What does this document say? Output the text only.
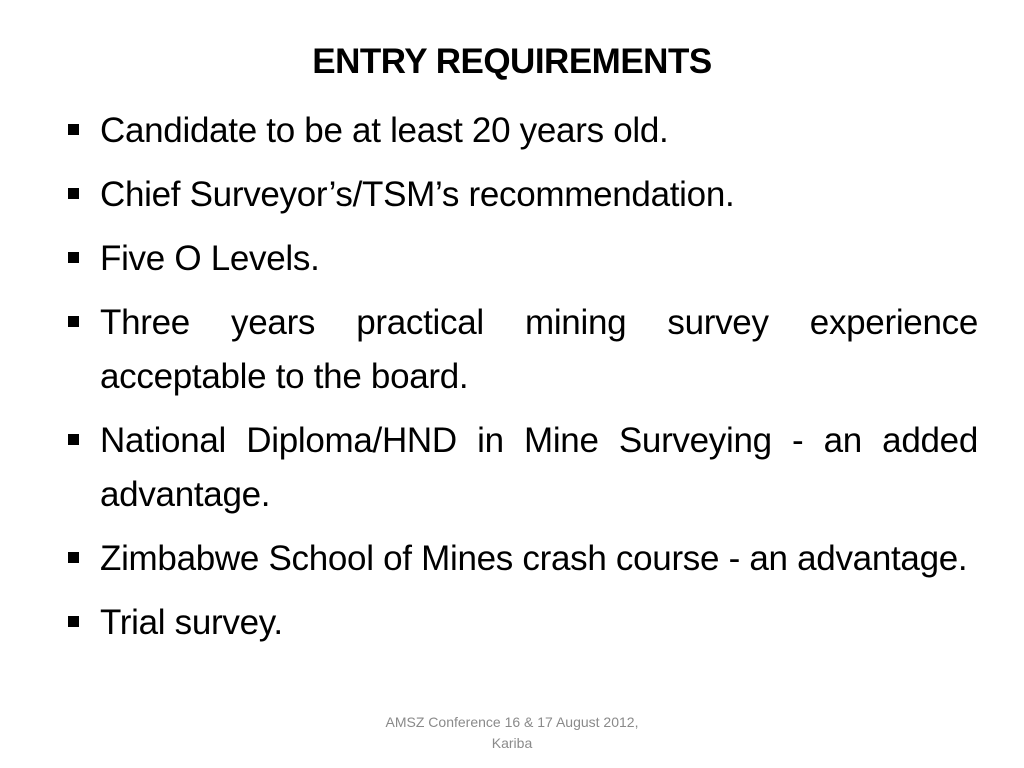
ENTRY REQUIREMENTS
Candidate to be at least 20 years old.
Chief Surveyor’s/TSM’s recommendation.
Five O Levels.
Three years practical mining survey experience acceptable to the board.
National Diploma/HND in Mine Surveying - an added advantage.
Zimbabwe School of Mines crash course - an advantage.
Trial survey.
AMSZ Conference 16 & 17 August 2012,
Kariba
